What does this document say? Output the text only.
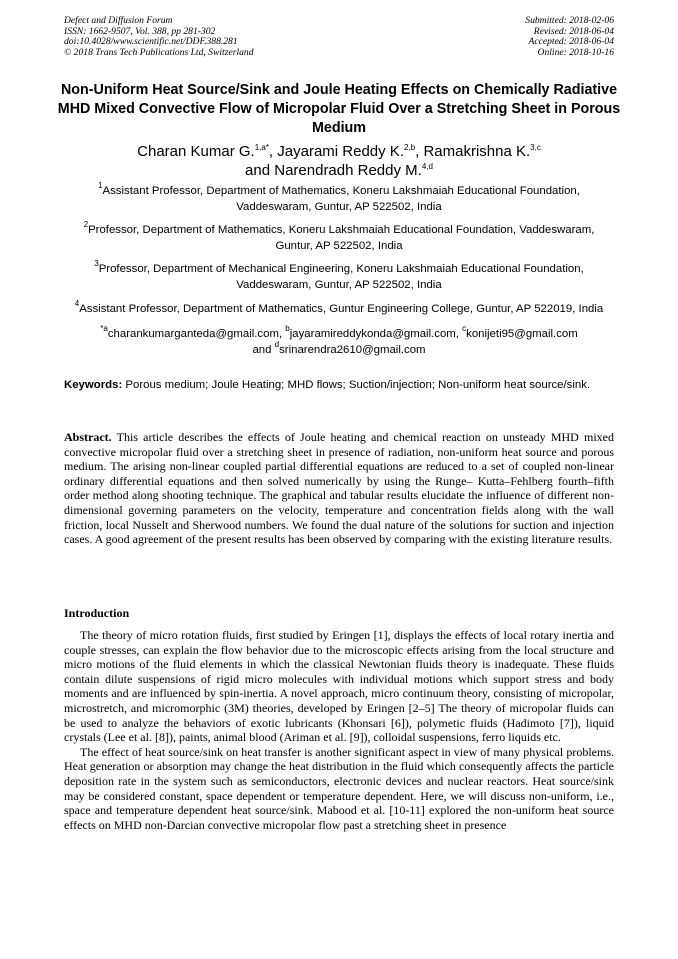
Defect and Diffusion Forum
ISSN: 1662-9507, Vol. 388, pp 281-302
doi:10.4028/www.scientific.net/DDF.388.281
© 2018 Trans Tech Publications Ltd, Switzerland
Submitted: 2018-02-06
Revised: 2018-06-04
Accepted: 2018-06-04
Online: 2018-10-16
Non-Uniform Heat Source/Sink and Joule Heating Effects on Chemically Radiative MHD Mixed Convective Flow of Micropolar Fluid Over a Stretching Sheet in Porous Medium
Charan Kumar G.$^{1,a*}$, Jayarami Reddy K.$^{2,b}$, Ramakrishna K.$^{3,c}$
and Narendradh Reddy M.$^{4,d}$
$^1$Assistant Professor, Department of Mathematics, Koneru Lakshmaiah Educational Foundation, Vaddeswaram, Guntur, AP 522502, India
$^2$Professor, Department of Mathematics, Koneru Lakshmaiah Educational Foundation, Vaddeswaram, Guntur, AP 522502, India
$^3$Professor, Department of Mechanical Engineering, Koneru Lakshmaiah Educational Foundation, Vaddeswaram, Guntur, AP 522502, India
$^4$Assistant Professor, Department of Mathematics, Guntur Engineering College, Guntur, AP 522019, India
$^{*a}$charankumarganteda@gmail.com, $^b$jayaramireddykonda@gmail.com, $^c$konijeti95@gmail.com
and $^d$srinarendra2610@gmail.com
Keywords: Porous medium; Joule Heating; MHD flows; Suction/injection; Non-uniform heat source/sink.
Abstract. This article describes the effects of Joule heating and chemical reaction on unsteady MHD mixed convective micropolar fluid over a stretching sheet in presence of radiation, non-uniform heat source and porous medium. The arising non-linear coupled partial differential equations are reduced to a set of coupled non-linear ordinary differential equations and then solved numerically by using the Runge– Kutta–Fehlberg fourth–fifth order method along shooting technique. The graphical and tabular results elucidate the influence of different non-dimensional governing parameters on the velocity, temperature and concentration fields along with the wall friction, local Nusselt and Sherwood numbers. We found the dual nature of the solutions for suction and injection cases. A good agreement of the present results has been observed by comparing with the existing literature results.
Introduction

The theory of micro rotation fluids, first studied by Eringen [1], displays the effects of local rotary inertia and couple stresses, can explain the flow behavior due to the microscopic effects arising from the local structure and micro motions of the fluid elements in which the classical Newtonian fluids theory is inadequate. These fluids contain dilute suspensions of rigid micro molecules with individual motions which support stress and body moments and are influenced by spin-inertia. A novel approach, micro continuum theory, consisting of micropolar, microstretch, and micromorphic (3M) theories, developed by Eringen [2–5] The theory of micropolar fluids can be used to analyze the behaviors of exotic lubricants (Khonsari [6]), polymetic fluids (Hadimoto [7]), liquid crystals (Lee et al. [8]), paints, animal blood (Ariman et al. [9]), colloidal suspensions, ferro liquids etc.

The effect of heat source/sink on heat transfer is another significant aspect in view of many physical problems. Heat generation or absorption may change the heat distribution in the fluid which consequently affects the particle deposition rate in the system such as semiconductors, electronic devices and nuclear reactors. Heat source/sink may be considered constant, space dependent or temperature dependent. Here, we will discuss non-uniform, i.e., space and temperature dependent heat source/sink. Mabood et al. [10-11] explored the non-uniform heat source effects on MHD non-Darcian convective micropolar flow past a stretching sheet in presence
